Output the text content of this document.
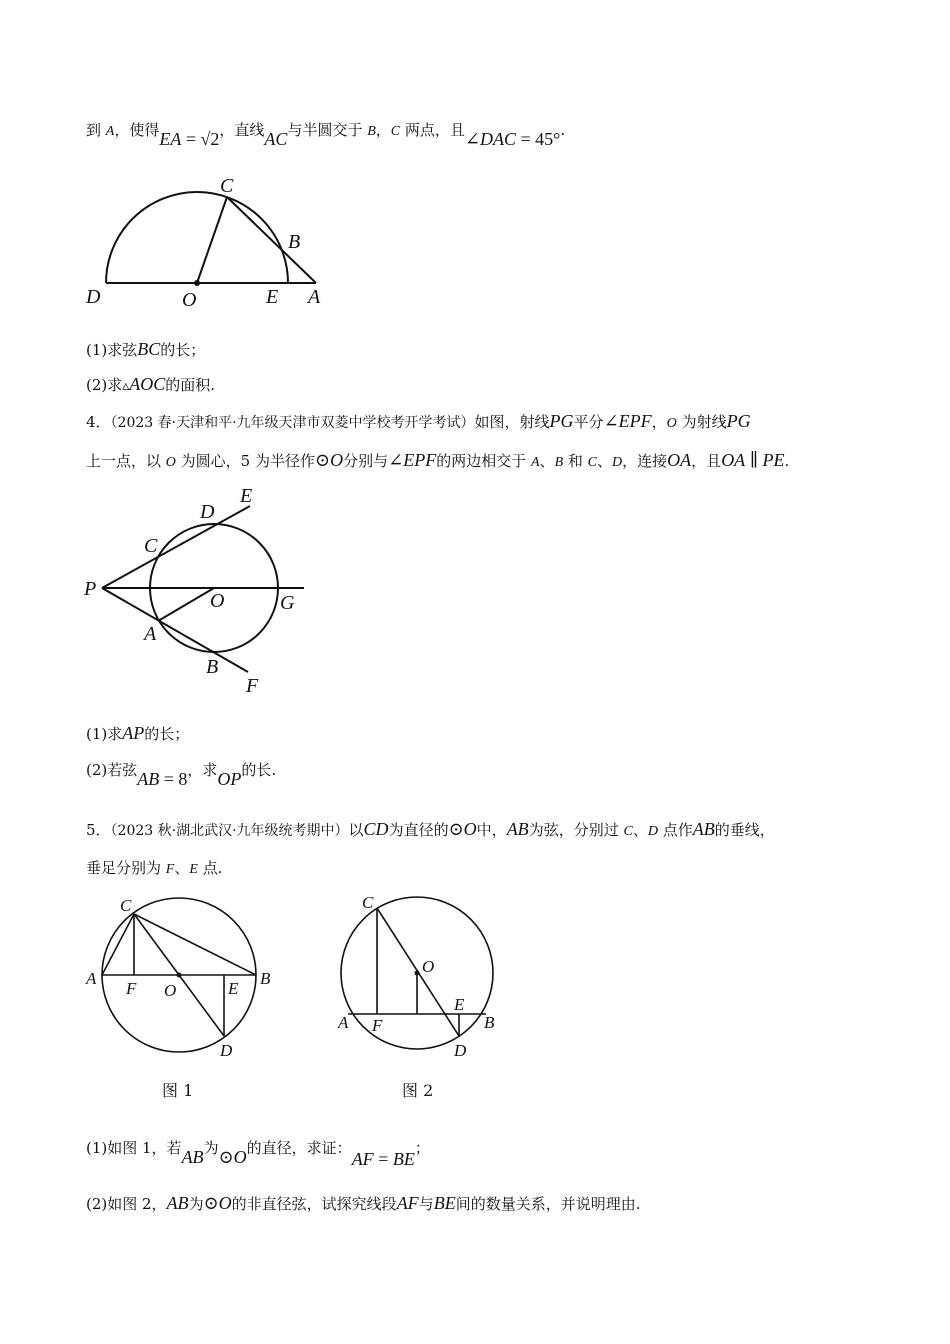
到 A，使得EA = √2，直线AC与半圆交于 B，C 两点，且∠DAC = 45°.
C
B
D	O	E A
(1)求弦BC的长；
(2)求▵AOC的面积.
4．（2023 春·天津和平·九年级天津市双菱中学校考开学考试）如图，射线PG平分∠EPF，O 为射线PG
上一点，以 O 为圆心，5 为半径作⊙O分别与∠EPF的两边相交于 A、B 和 C、D，连接OA，且OA ∥ PE.
E
D
C
P
O	G
A
B
F
(1)求AP的长；
(2)若弦AB = 8，求OP的长.
5．（2023 秋·湖北武汉·九年级统考期中）以CD为直径的⊙O中，AB为弦，分别过 C、D 点作AB的垂线，
垂足分别为 F、E 点.
C
A
F O	E
B
D
图 1
C
O
E
A F	B
D
图 2
(1)如图 1，若AB为⊙O的直径，求证：AF = BE；
(2)如图 2，AB为⊙O的非直径弦，试探究线段AF与BE间的数量关系，并说明理由.
